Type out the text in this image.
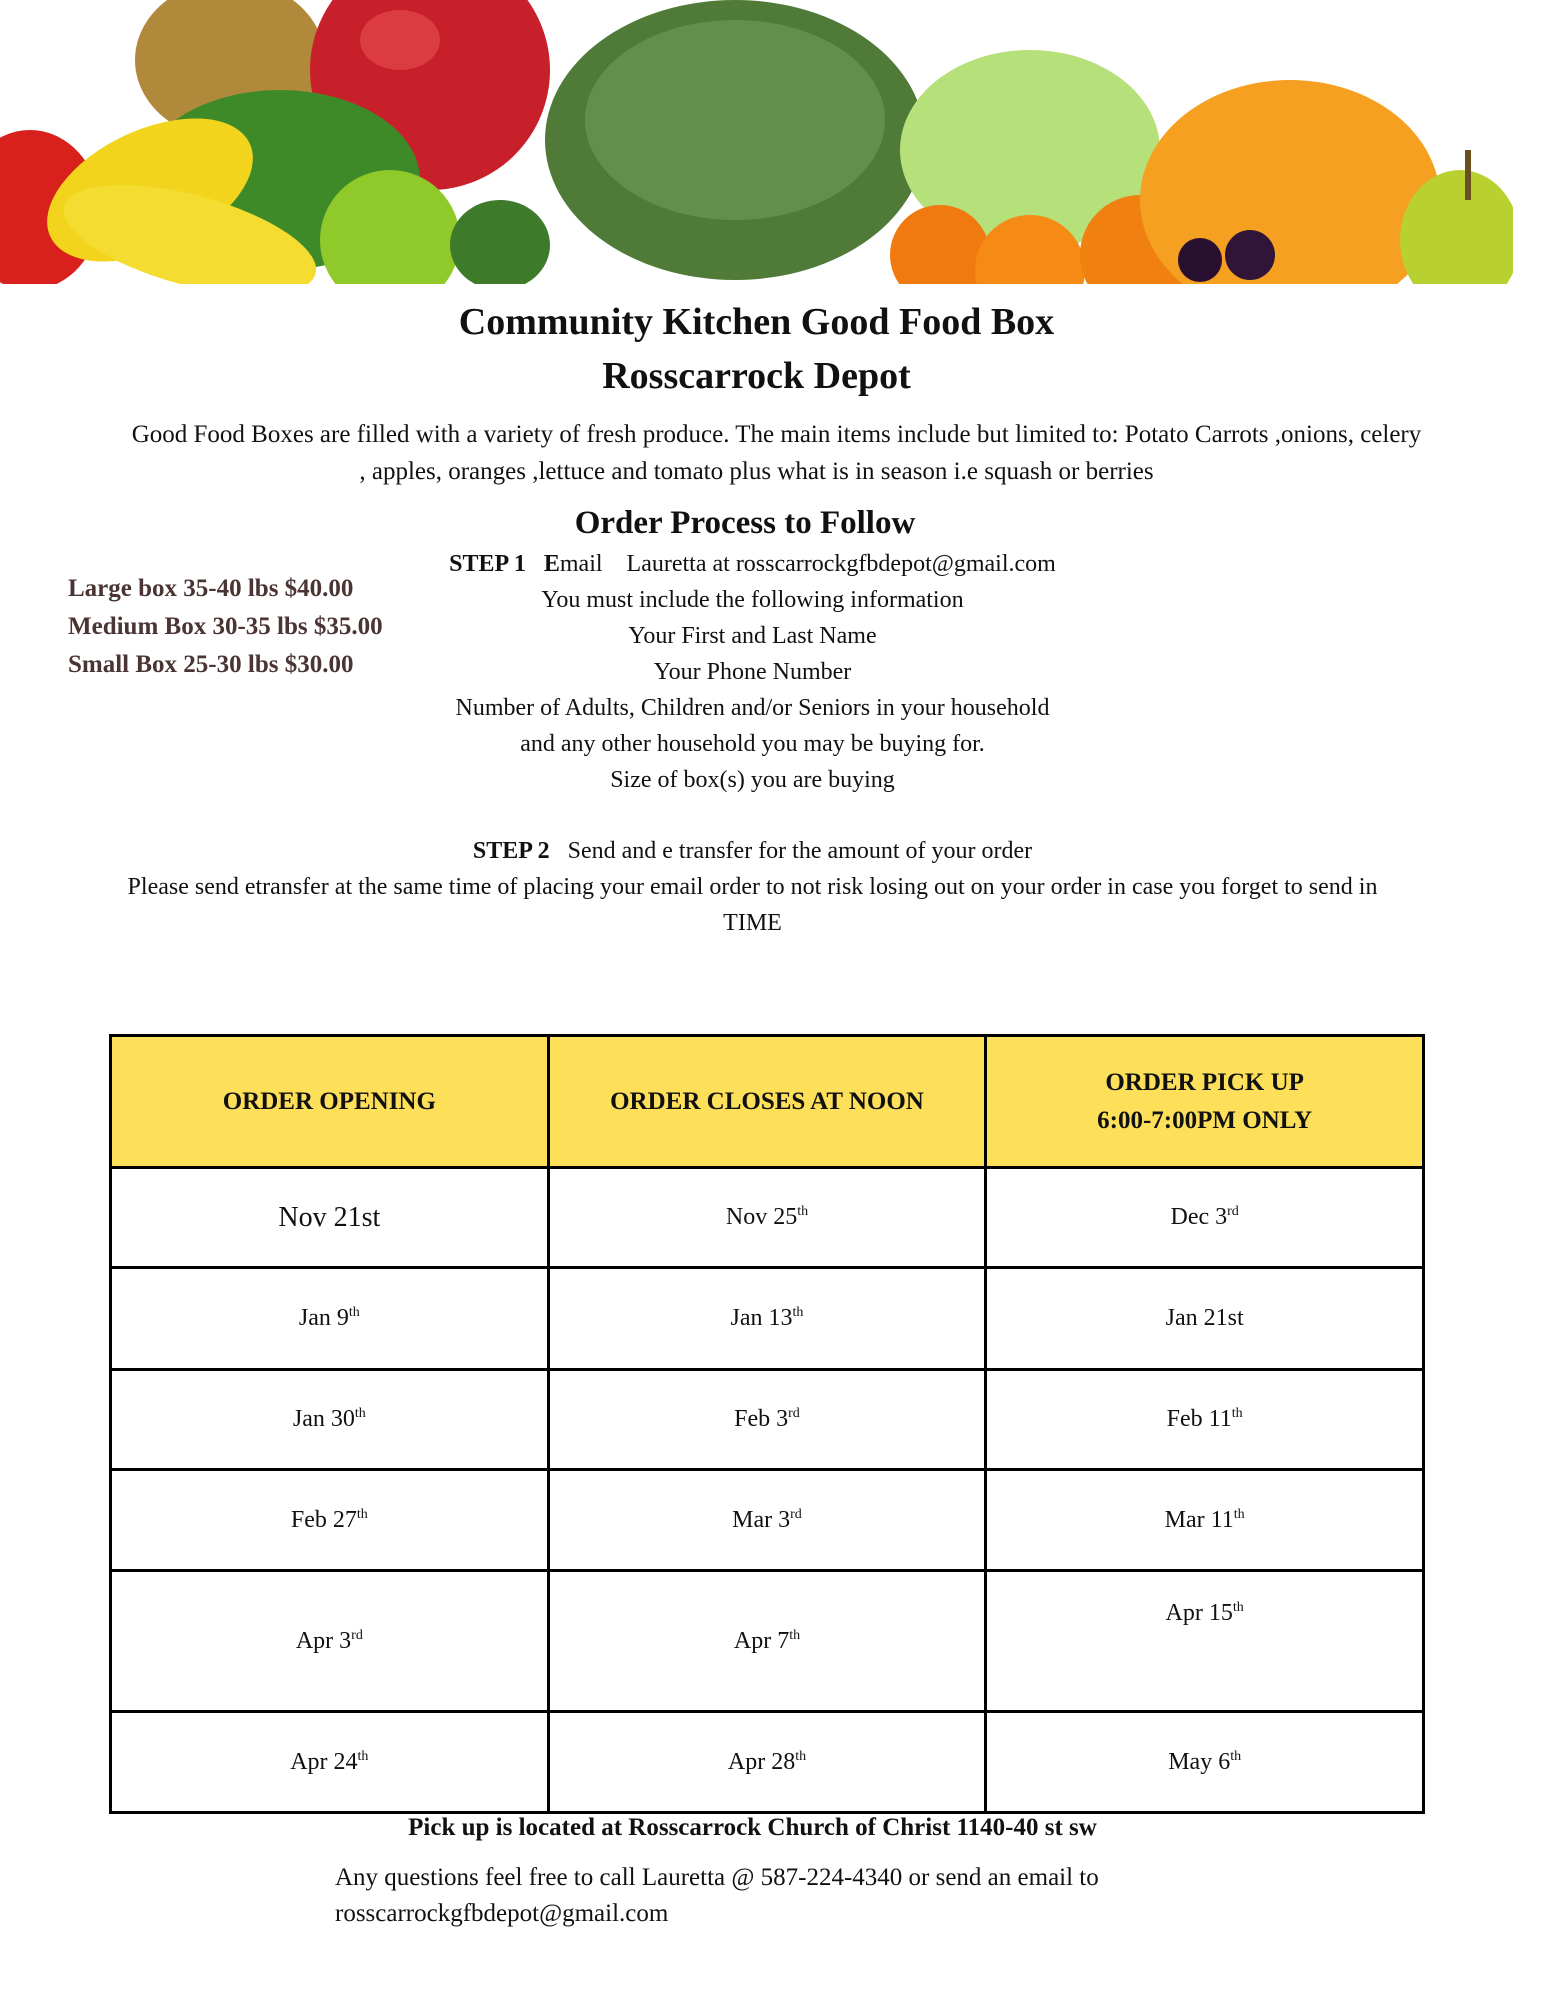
Community Kitchen Good Food Box
Rosscarrock Depot
Good Food Boxes are filled with a variety of fresh produce. The main items include but limited to: Potato Carrots ,onions, celery
, apples, oranges ,lettuce and tomato plus what is in season i.e squash or berries
Order Process to Follow
STEP 1 Email    Lauretta at rosscarrockgfbdepot@gmail.com
You must include the following information
Your First and Last Name
Your Phone Number
Number of Adults, Children and/or Seniors in your household
and any other household you may be buying for.
Size of box(s) you are buying
STEP 2 Send and e transfer for the amount of your order
Please send etransfer at the same time of placing your email order to not risk losing out on your order in case you forget to send in
TIME
Large box 35-40 lbs $40.00
Medium Box 30-35 lbs $35.00
Small Box 25-30 lbs $30.00
ORDER OPENING	ORDER CLOSES AT NOON	ORDER PICK UP
6:00-7:00PM ONLY
Nov 21st	Nov 25th	Dec 3rd
Jan 9th	Jan 13th	Jan 21st
Jan 30th	Feb 3rd	Feb 11th
Feb 27th	Mar 3rd	Mar 11th
Apr 3rd	Apr 7th	Apr 15th
Apr 24th	Apr 28th	May 6th
Pick up is located at Rosscarrock Church of Christ 1140-40 st sw
Any questions feel free to call Lauretta @ 587-224-4340 or send an email to
rosscarrockgfbdepot@gmail.com
